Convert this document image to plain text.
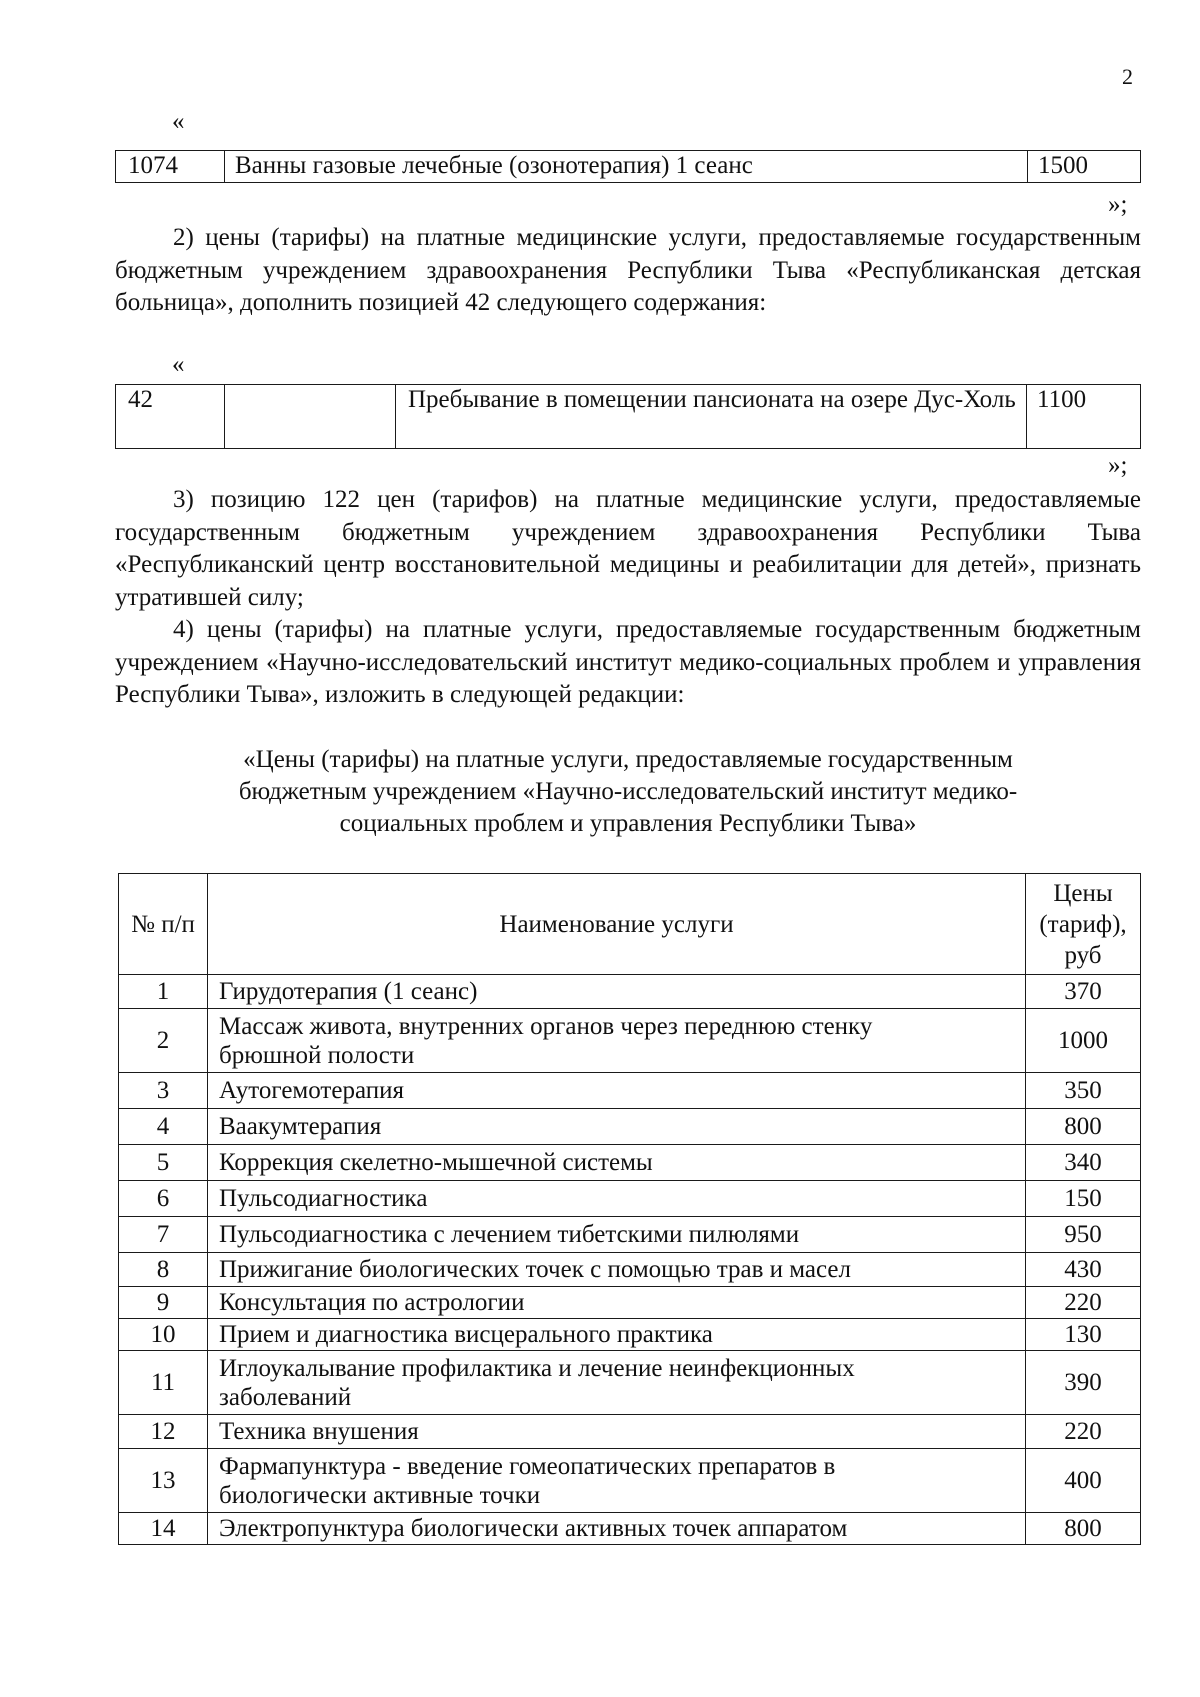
2
«
1074	Ванны газовые лечебные (озонотерапия) 1 сеанс	1500
»;
2) цены (тарифы) на платные медицинские услуги, предоставляемые государственным бюджетным учреждением здравоохранения Республики Тыва «Республиканская детская больница», дополнить позицией 42 следующего содержания:
«
42		Пребывание в помещении пансионата на озере Дус-Холь	1100
»;
3) позицию 122 цен (тарифов) на платные медицинские услуги, предоставляемые государственным бюджетным учреждением здравоохранения Республики Тыва «Республиканский центр восстановительной медицины и реабилитации для детей», признать утратившей силу;
4) цены (тарифы) на платные услуги, предоставляемые государственным бюджетным учреждением «Научно-исследовательский институт медико-социальных проблем и управления Республики Тыва», изложить в следующей редакции:
«Цены (тарифы) на платные услуги, предоставляемые государственным
бюджетным учреждением «Научно-исследовательский институт медико-
социальных проблем и управления Республики Тыва»
№ п/п	Наименование услуги	Цены (тариф), руб
1	Гирудотерапия (1 сеанс)	370
2	Массаж живота, внутренних органов через переднюю стенку брюшной полости	1000
3	Аутогемотерапия	350
4	Ваакумтерапия	800
5	Коррекция скелетно-мышечной системы	340
6	Пульсодиагностика	150
7	Пульсодиагностика с лечением тибетскими пилюлями	950
8	Прижигание биологических точек с помощью трав и масел	430
9	Консультация по астрологии	220
10	Прием и диагностика висцерального практика	130
11	Иглоукалывание профилактика и лечение неинфекционных заболеваний	390
12	Техника внушения	220
13	Фармапунктура - введение гомеопатических препаратов в биологически активные точки	400
14	Электропунктура биологически активных точек аппаратом	800
